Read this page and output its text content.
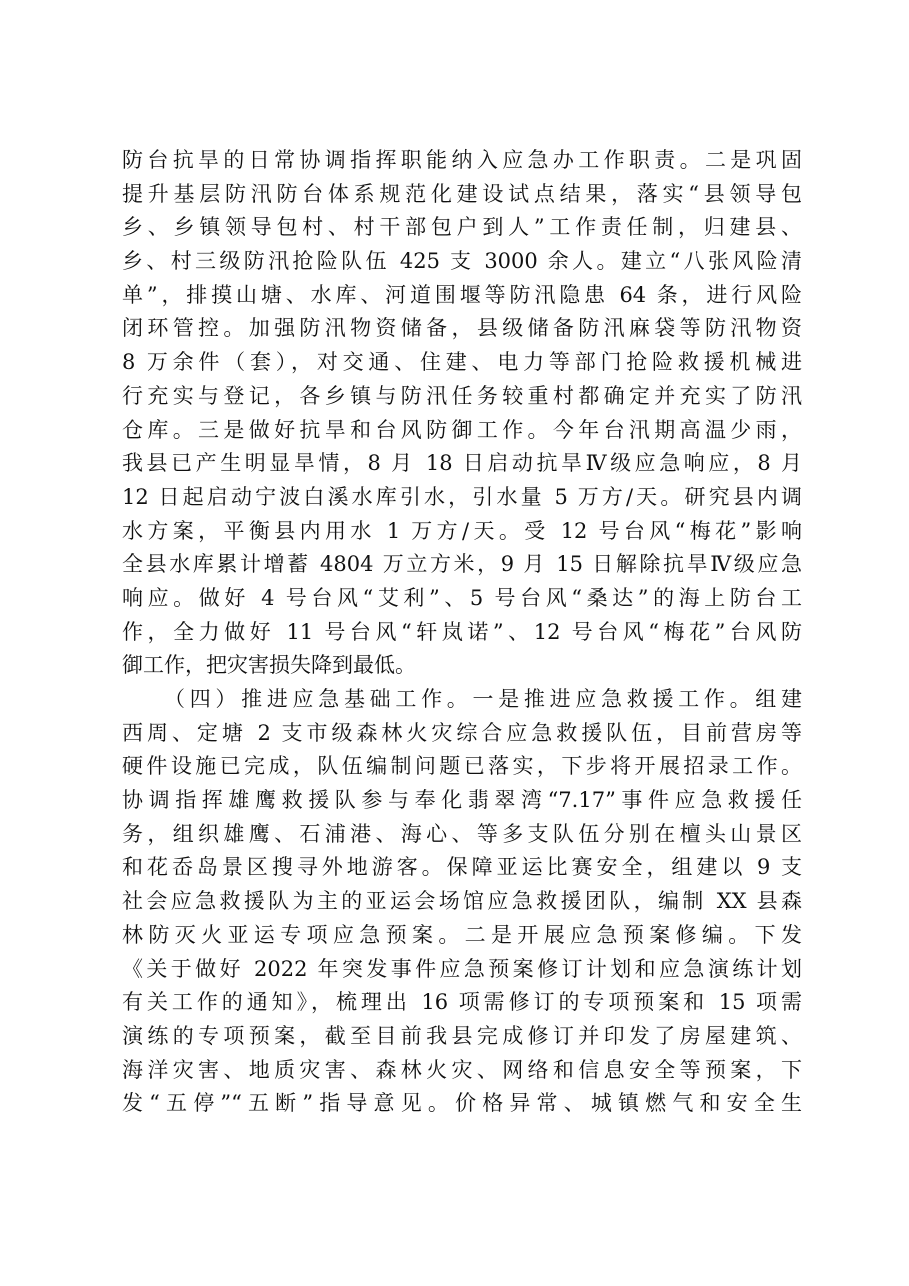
防台抗旱的日常协调指挥职能纳入应急办工作职责。二是巩固
提升基层防汛防台体系规范化建设试点结果，落实“县领导包
乡、乡镇领导包村、村干部包户到人”工作责任制，归建县、
乡、村三级防汛抢险队伍 425 支 3000 余人。建立“八张风险清
单”，排摸山塘、水库、河道围堰等防汛隐患 64 条，进行风险
闭环管控。加强防汛物资储备，县级储备防汛麻袋等防汛物资
8 万余件（套），对交通、住建、电力等部门抢险救援机械进
行充实与登记，各乡镇与防汛任务较重村都确定并充实了防汛
仓库。三是做好抗旱和台风防御工作。今年台汛期高温少雨，
我县已产生明显旱情，8 月 18 日启动抗旱Ⅳ级应急响应，8 月
12 日起启动宁波白溪水库引水，引水量 5 万方/天。研究县内调
水方案，平衡县内用水 1 万方/天。受 12 号台风“梅花”影响
全县水库累计增蓄 4804 万立方米，9 月 15 日解除抗旱Ⅳ级应急
响应。做好 4 号台风“艾利”、5 号台风“桑达”的海上防台工
作，全力做好 11 号台风“轩岚诺”、12 号台风“梅花”台风防
御工作，把灾害损失降到最低。
（四）推进应急基础工作。一是推进应急救援工作。组建
西周、定塘 2 支市级森林火灾综合应急救援队伍，目前营房等
硬件设施已完成，队伍编制问题已落实，下步将开展招录工作。
协调指挥雄鹰救援队参与奉化翡翠湾“7.17”事件应急救援任
务，组织雄鹰、石浦港、海心、等多支队伍分别在檀头山景区
和花岙岛景区搜寻外地游客。保障亚运比赛安全，组建以 9 支
社会应急救援队为主的亚运会场馆应急救援团队，编制 XX 县森
林防灭火亚运专项应急预案。二是开展应急预案修编。下发
《关于做好 2022 年突发事件应急预案修订计划和应急演练计划
有关工作的通知》，梳理出 16 项需修订的专项预案和 15 项需
演练的专项预案，截至目前我县完成修订并印发了房屋建筑、
海洋灾害、地质灾害、森林火灾、网络和信息安全等预案，下
发“五停”“五断”指导意见。价格异常、城镇燃气和安全生
